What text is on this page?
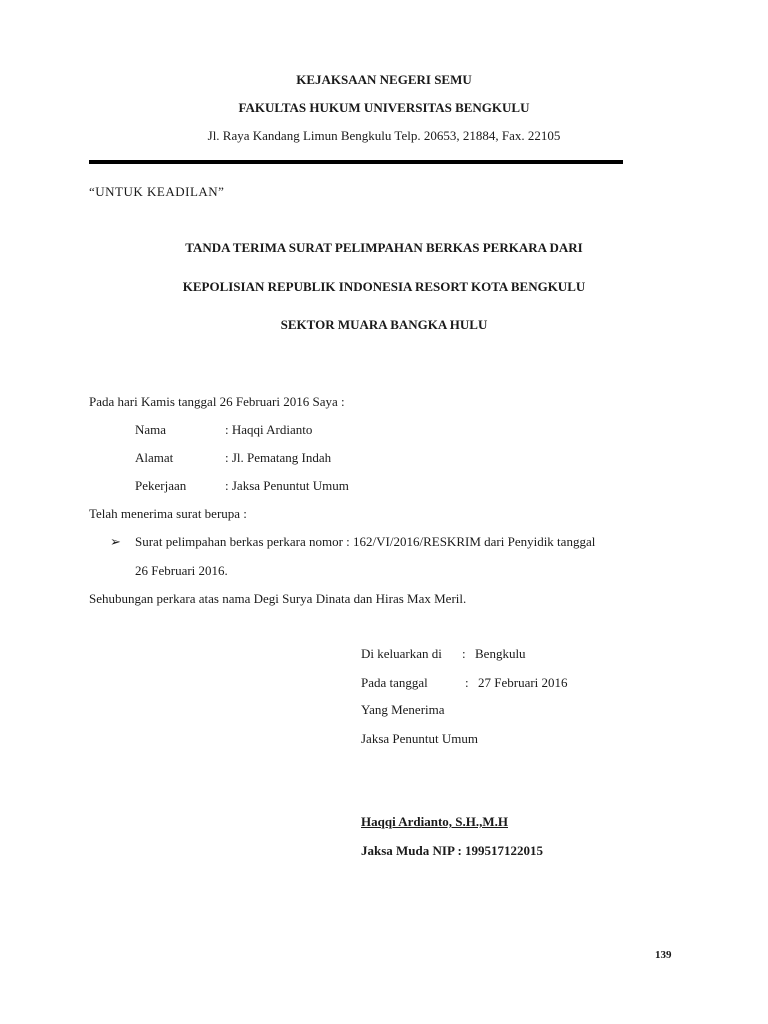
KEJAKSAAN NEGERI SEMU
FAKULTAS HUKUM UNIVERSITAS BENGKULU
Jl. Raya Kandang Limun Bengkulu Telp. 20653, 21884, Fax. 22105
“UNTUK KEADILAN”
TANDA TERIMA SURAT PELIMPAHAN BERKAS PERKARA DARI
KEPOLISIAN REPUBLIK INDONESIA RESORT KOTA BENGKULU
SEKTOR MUARA BANGKA HULU
Pada hari Kamis tanggal 26 Februari 2016 Saya :
Nama	: Haqqi Ardianto
Alamat	: Jl. Pematang Indah
Pekerjaan	: Jaksa Penuntut Umum
Telah menerima surat berupa :
➢ Surat pelimpahan berkas perkara nomor : 162/VI/2016/RESKRIM dari Penyidik tanggal
26 Februari 2016.
Sehubungan perkara atas nama Degi Surya Dinata dan Hiras Max Meril.
Di keluarkan di : Bengkulu
Pada tanggal	: 27 Februari 2016
Yang Menerima
Jaksa Penuntut Umum
Haqqi Ardianto, S.H.,M.H
Jaksa Muda NIP : 199517122015
139
